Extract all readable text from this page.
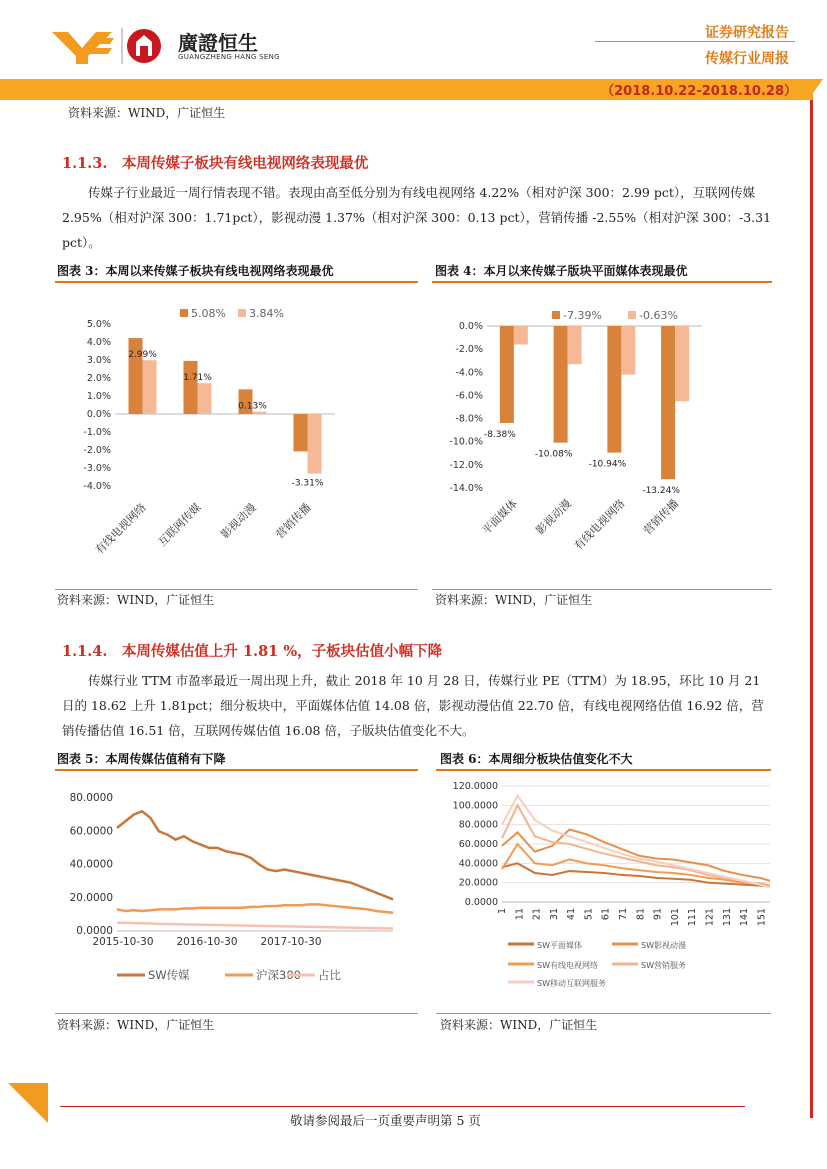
廣證恒生
GUANGZHENG HANG SENG
证券研究报告
传媒行业周报
（2018.10.22-2018.10.28）
资料来源：WIND，广证恒生
1.1.3.　本周传媒子板块有线电视网络表现最优
传媒子行业最近一周行情表现不错。表现由高至低分别为有线电视网络 4.22%（相对沪深 300：2.99 pct），互联网传媒 2.95%（相对沪深 300：1.71pct），影视动漫 1.37%（相对沪深 300：0.13 pct），营销传播 -2.55%（相对沪深 300：-3.31 pct）。
图表 3：本周以来传媒子板块有线电视网络表现最优
5.0%
4.0%
3.0%
2.0%
1.0%
0.0%
-1.0%
-2.0%
-3.0%
-4.0%
2.99%
有线电视网络
1.71%
互联网传媒
0.13%
影视动漫
-3.31%
营销传播
5.08% 3.84%
资料来源：WIND，广证恒生
图表 4：本月以来传媒子版块平面媒体表现最优
0.0%
-2.0%
-4.0%
-6.0%
-8.0%
-10.0%
-12.0%
-14.0%
-8.38%
平面媒体
-10.08%
影视动漫
-10.94%
有线电视网络
-13.24%
营销传播
-7.39%	-0.63%
资料来源：WIND，广证恒生
1.1.4.　本周传媒估值上升 1.81 %，子板块估值小幅下降
传媒行业 TTM 市盈率最近一周出现上升，截止 2018 年 10 月 28 日，传媒行业 PE（TTM）为 18.95，环比 10 月 21 日的 18.62 上升 1.81pct；细分板块中，平面媒体估值 14.08 倍，影视动漫估值 22.70 倍，有线电视网络估值 16.92 倍，营销传播估值 16.51 倍，互联网传媒估值 16.08 倍，子版块估值变化不大。
图表 5：本周传媒估值稍有下降
80.0000
60.0000
40.0000
20.0000
0.0000
2015-10-30 2016-10-30 2017-10-30
SW传媒	沪深300 占比
资料来源：WIND，广证恒生
图表 6：本周细分板块估值变化不大
120.0000
100.0000
80.0000
60.0000
40.0000
20.0000
0.0000
1 11 21 31 41 51 61 71 81 91 101 111 121 131 141 151
SW平面媒体	SW影视动漫
SW有线电视网络	SW营销服务
SW移动互联网服务
资料来源：WIND，广证恒生
敬请参阅最后一页重要声明第 5 页
